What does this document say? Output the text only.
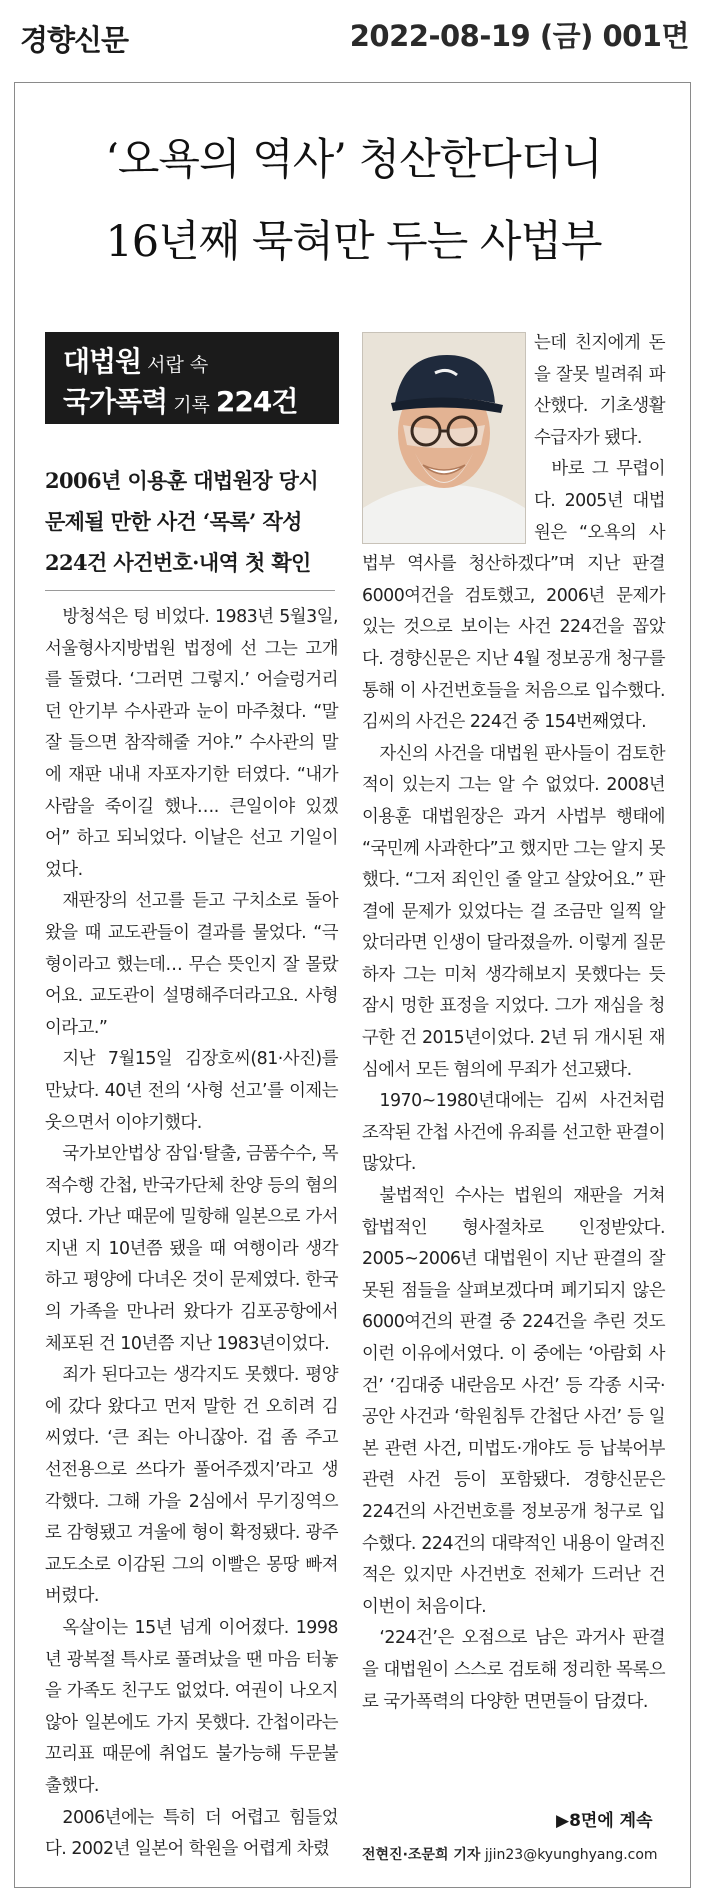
경향신문	2022-08-19 (금) 001면
‘오욕의 역사’ 청산한다더니
16년째 묵혀만 두는 사법부
대법원 서랍 속
국가폭력 기록 224건
2006년 이용훈 대법원장 당시
문제될 만한 사건 ‘목록’ 작성
224건 사건번호·내역 첫 확인

방청석은 텅 비었다. 1983년 5월3일, 서울형사지방법원 법정에 선 그는 고개를 돌렸다. ‘그러면 그렇지.’ 어슬렁거리던 안기부 수사관과 눈이 마주쳤다. “말 잘 들으면 참작해줄 거야.” 수사관의 말에 재판 내내 자포자기한 터였다. “내가 사람을 죽이길 했나…. 큰일이야 있겠어” 하고 되뇌었다. 이날은 선고 기일이었다.

재판장의 선고를 듣고 구치소로 돌아왔을 때 교도관들이 결과를 물었다. “극형이라고 했는데… 무슨 뜻인지 잘 몰랐어요. 교도관이 설명해주더라고요. 사형이라고.”

지난 7월15일 김장호씨(81·사진)를 만났다. 40년 전의 ‘사형 선고’를 이제는 웃으면서 이야기했다.

국가보안법상 잠입·탈출, 금품수수, 목적수행 간첩, 반국가단체 찬양 등의 혐의였다. 가난 때문에 밀항해 일본으로 가서 지낸 지 10년쯤 됐을 때 여행이라 생각하고 평양에 다녀온 것이 문제였다. 한국의 가족을 만나러 왔다가 김포공항에서 체포된 건 10년쯤 지난 1983년이었다.

죄가 된다고는 생각지도 못했다. 평양에 갔다 왔다고 먼저 말한 건 오히려 김씨였다. ‘큰 죄는 아니잖아. 겁 좀 주고 선전용으로 쓰다가 풀어주겠지’라고 생각했다. 그해 가을 2심에서 무기징역으로 감형됐고 겨울에 형이 확정됐다. 광주교도소로 이감된 그의 이빨은 몽땅 빠져버렸다.

옥살이는 15년 넘게 이어졌다. 1998년 광복절 특사로 풀려났을 땐 마음 터놓을 가족도 친구도 없었다. 여권이 나오지 않아 일본에도 가지 못했다. 간첩이라는 꼬리표 때문에 취업도 불가능해 두문불출했다.

2006년에는 특히 더 어렵고 힘들었다. 2002년 일본어 학원을 어렵게 차렸

는데 친지에게 돈을 잘못 빌려줘 파산했다. 기초생활수급자가 됐다.

바로 그 무렵이다. 2005년 대법원은 “오욕의 사법부 역사를 청산하겠다”며 지난 판결 6000여건을 검토했고, 2006년 문제가 있는 것으로 보이는 사건 224건을 꼽았다. 경향신문은 지난 4월 정보공개 청구를 통해 이 사건번호들을 처음으로 입수했다. 김씨의 사건은 224건 중 154번째였다.

자신의 사건을 대법원 판사들이 검토한 적이 있는지 그는 알 수 없었다. 2008년 이용훈 대법원장은 과거 사법부 행태에 “국민께 사과한다”고 했지만 그는 알지 못했다. “그저 죄인인 줄 알고 살았어요.” 판결에 문제가 있었다는 걸 조금만 일찍 알았더라면 인생이 달라졌을까. 이렇게 질문하자 그는 미처 생각해보지 못했다는 듯 잠시 멍한 표정을 지었다. 그가 재심을 청구한 건 2015년이었다. 2년 뒤 개시된 재심에서 모든 혐의에 무죄가 선고됐다.

1970~1980년대에는 김씨 사건처럼 조작된 간첩 사건에 유죄를 선고한 판결이 많았다.

불법적인 수사는 법원의 재판을 거쳐 합법적인 형사절차로 인정받았다. 2005~2006년 대법원이 지난 판결의 잘못된 점들을 살펴보겠다며 폐기되지 않은 6000여건의 판결 중 224건을 추린 것도 이런 이유에서였다. 이 중에는 ‘아람회 사건’ ‘김대중 내란음모 사건’ 등 각종 시국·공안 사건과 ‘학원침투 간첩단 사건’ 등 일본 관련 사건, 미법도·개야도 등 납북어부 관련 사건 등이 포함됐다. 경향신문은 224건의 사건번호를 정보공개 청구로 입수했다. 224건의 대략적인 내용이 알려진 적은 있지만 사건번호 전체가 드러난 건 이번이 처음이다.

‘224건’은 오점으로 남은 과거사 판결을 대법원이 스스로 검토해 정리한 목록으로 국가폭력의 다양한 면면들이 담겼다.

▶8면에 계속
전현진·조문희 기자 jjin23@kyunghyang.com
